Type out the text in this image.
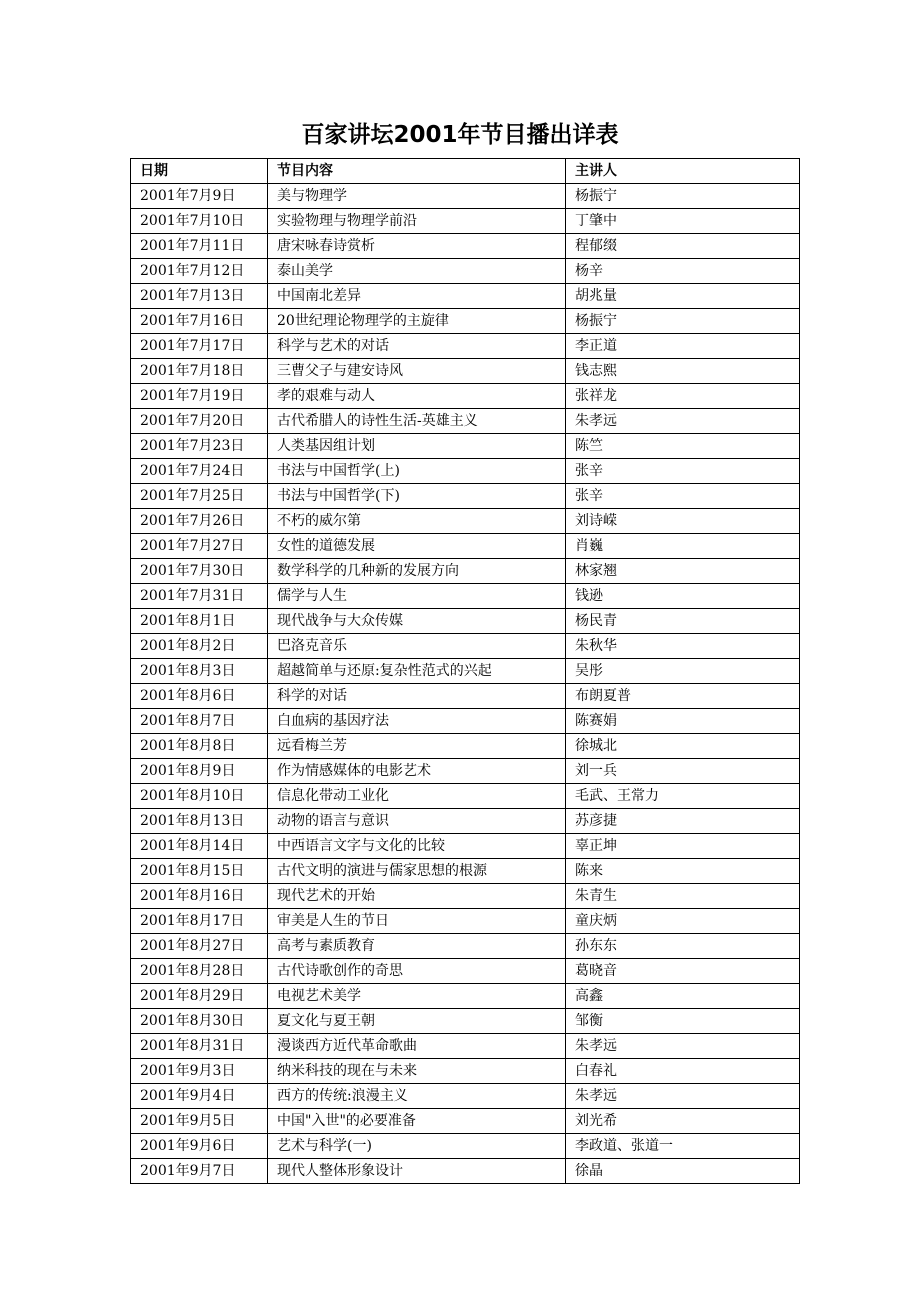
百家讲坛2001年节目播出详表
日期	节目内容	主讲人
2001年7月9日	美与物理学	杨振宁
2001年7月10日	实验物理与物理学前沿	丁肇中
2001年7月11日	唐宋咏春诗赏析	程郁缀
2001年7月12日	泰山美学	杨辛
2001年7月13日	中国南北差异	胡兆量
2001年7月16日	20世纪理论物理学的主旋律	杨振宁
2001年7月17日	科学与艺术的对话	李正道
2001年7月18日	三曹父子与建安诗风	钱志熙
2001年7月19日	孝的艰难与动人	张祥龙
2001年7月20日	古代希腊人的诗性生活-英雄主义	朱孝远
2001年7月23日	人类基因组计划	陈竺
2001年7月24日	书法与中国哲学(上)	张辛
2001年7月25日	书法与中国哲学(下)	张辛
2001年7月26日	不朽的威尔第	刘诗嵘
2001年7月27日	女性的道德发展	肖巍
2001年7月30日	数学科学的几种新的发展方向	林家翘
2001年7月31日	儒学与人生	钱逊
2001年8月1日	现代战争与大众传媒	杨民青
2001年8月2日	巴洛克音乐	朱秋华
2001年8月3日	超越简单与还原:复杂性范式的兴起	吴彤
2001年8月6日	科学的对话	布朗夏普
2001年8月7日	白血病的基因疗法	陈赛娟
2001年8月8日	远看梅兰芳	徐城北
2001年8月9日	作为情感媒体的电影艺术	刘一兵
2001年8月10日	信息化带动工业化	毛武、王常力
2001年8月13日	动物的语言与意识	苏彦捷
2001年8月14日	中西语言文字与文化的比较	辜正坤
2001年8月15日	古代文明的演进与儒家思想的根源	陈来
2001年8月16日	现代艺术的开始	朱青生
2001年8月17日	审美是人生的节日	童庆炳
2001年8月27日	高考与素质教育	孙东东
2001年8月28日	古代诗歌创作的奇思	葛晓音
2001年8月29日	电视艺术美学	高鑫
2001年8月30日	夏文化与夏王朝	邹衡
2001年8月31日	漫谈西方近代革命歌曲	朱孝远
2001年9月3日	纳米科技的现在与未来	白春礼
2001年9月4日	西方的传统:浪漫主义	朱孝远
2001年9月5日	中国"入世"的必要准备	刘光希
2001年9月6日	艺术与科学(一)	李政道、张道一
2001年9月7日	现代人整体形象设计	徐晶
